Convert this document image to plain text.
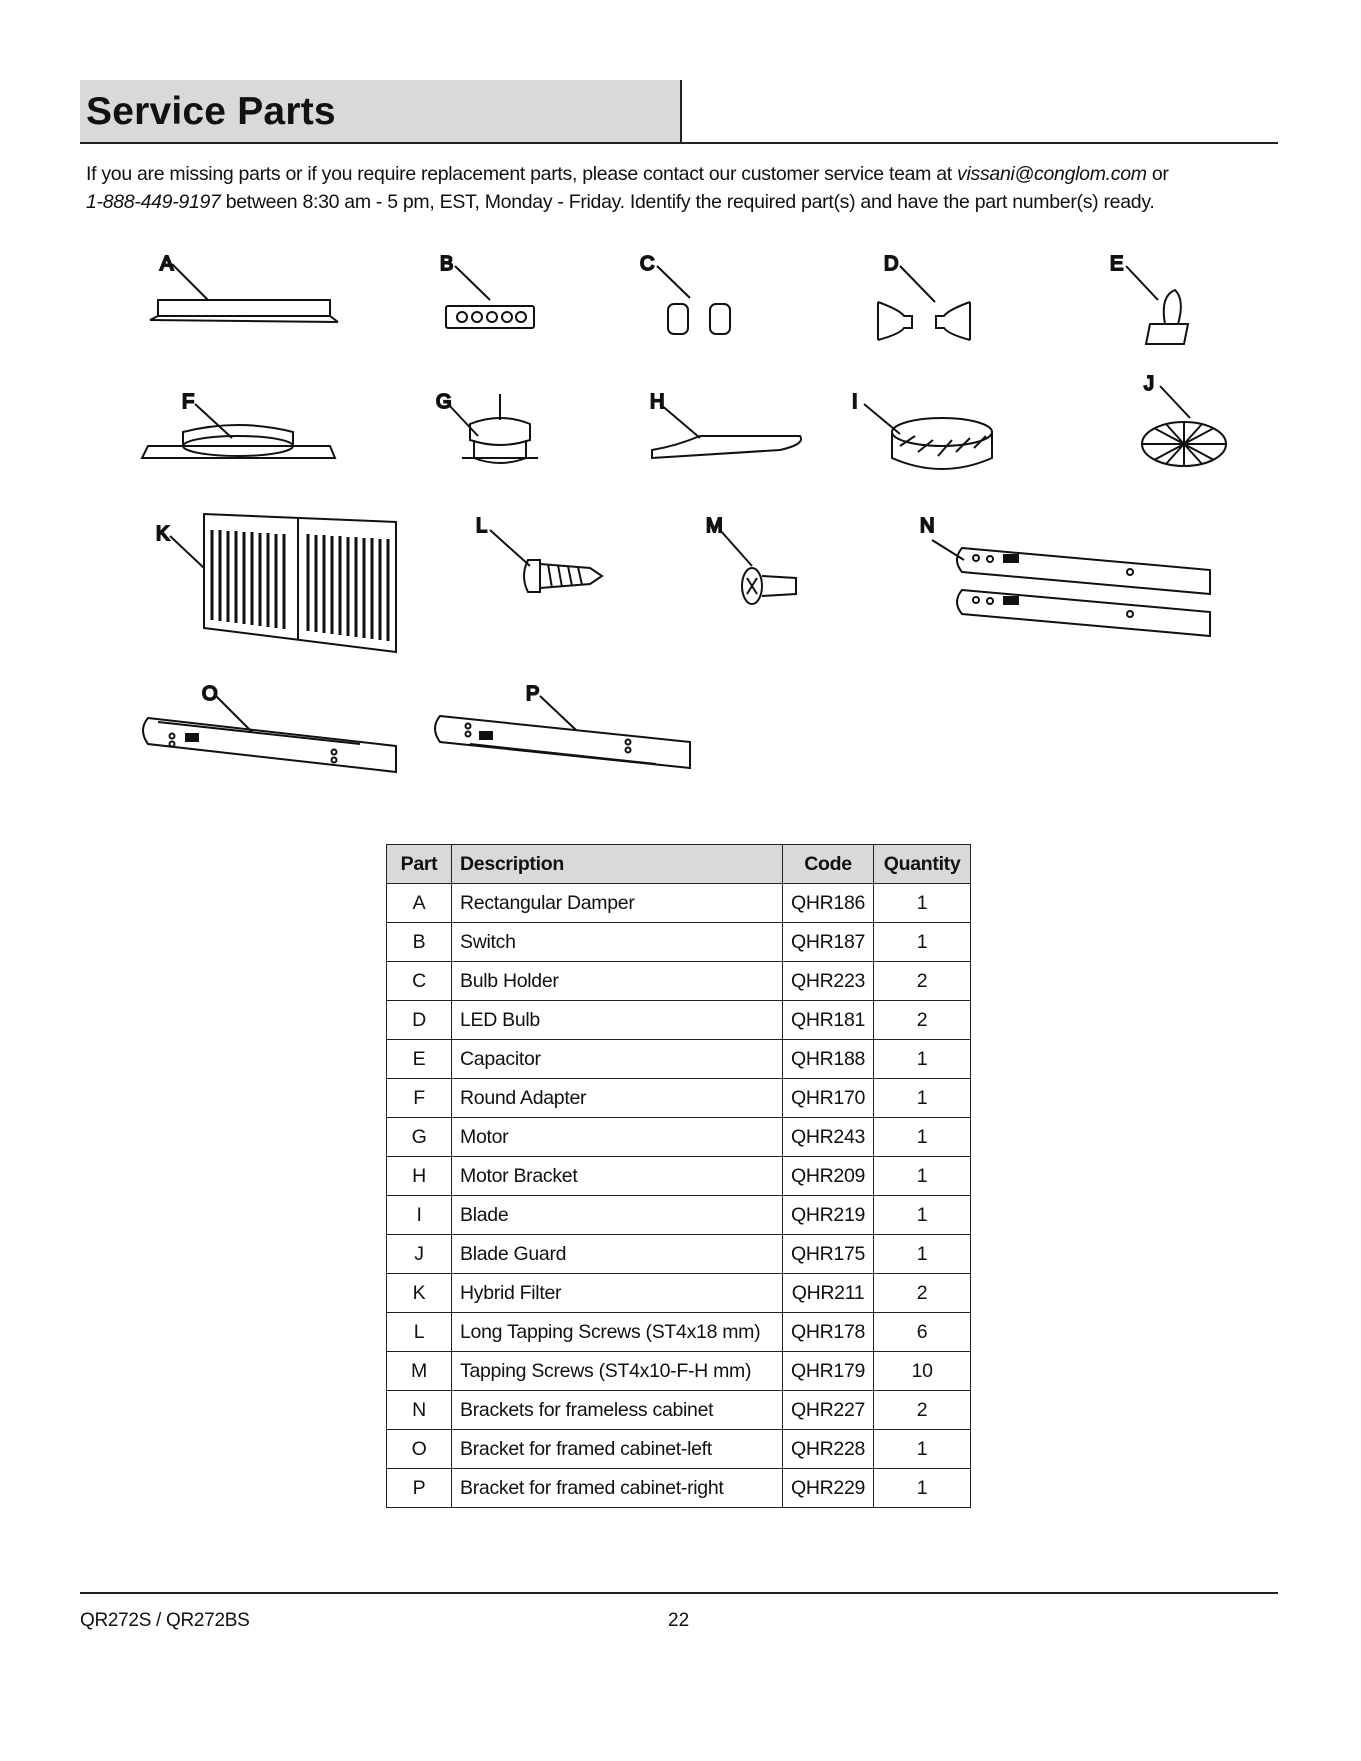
Service Parts
If you are missing parts or if you require replacement parts, please contact our customer service team at vissani@conglom.com or
1-888-449-9197 between 8:30 am - 5 pm, EST, Monday - Friday. Identify the required part(s) and have the part number(s) ready.
A	B	C	D	E
F	G	H	I
J
K	L	M	N
O	P
Part	Description	Code	Quantity
A	Rectangular Damper	QHR186	1
B	Switch	QHR187	1
C	Bulb Holder	QHR223	2
D	LED Bulb	QHR181	2
E	Capacitor	QHR188	1
F	Round Adapter	QHR170	1
G	Motor	QHR243	1
H	Motor Bracket	QHR209	1
I	Blade	QHR219	1
J	Blade Guard	QHR175	1
K	Hybrid Filter	QHR211	2
L	Long Tapping Screws (ST4x18 mm)	QHR178	6
M	Tapping Screws (ST4x10-F-H mm)	QHR179	10
N	Brackets for frameless cabinet	QHR227	2
O	Bracket for framed cabinet-left	QHR228	1
P	Bracket for framed cabinet-right	QHR229	1
QR272S / QR272BS	22
